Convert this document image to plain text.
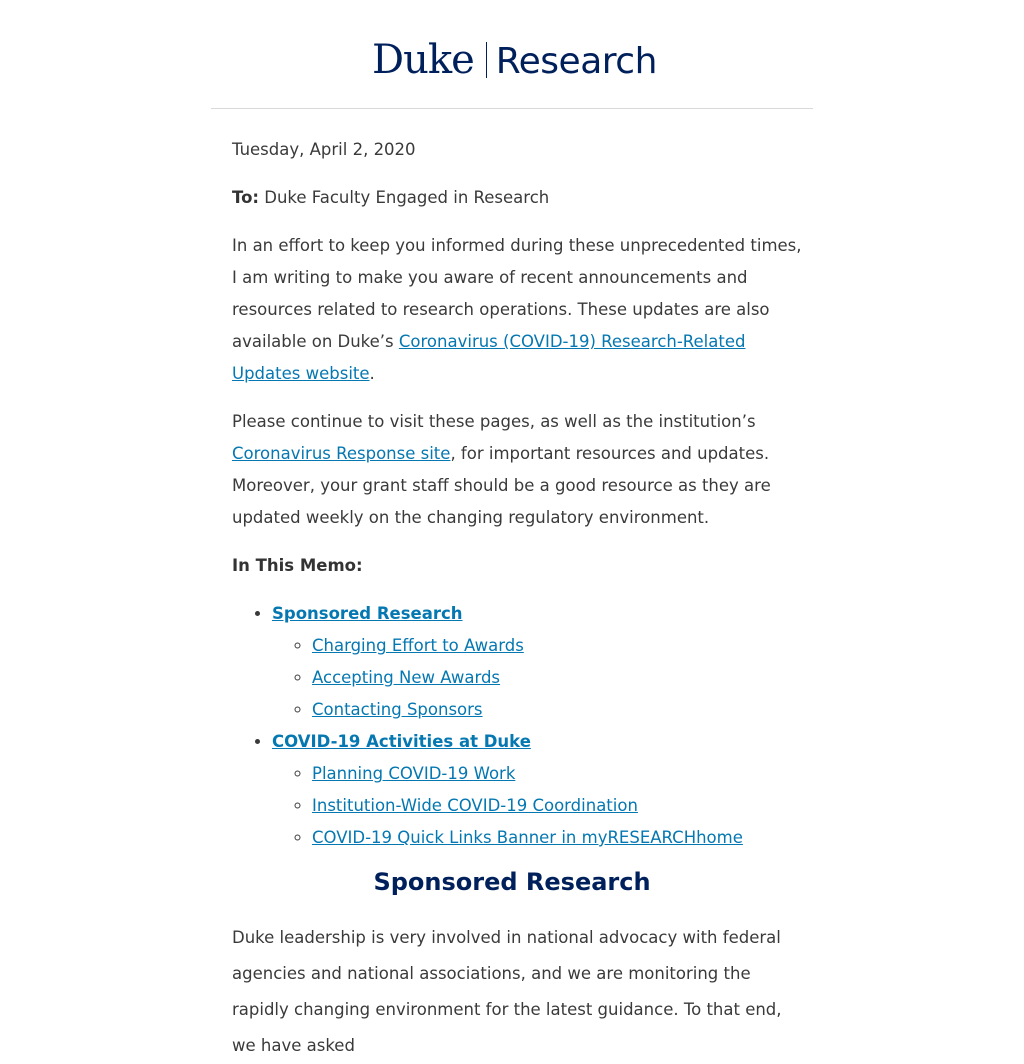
Duke Research

Tuesday, April 2, 2020

To: Duke Faculty Engaged in Research

In an effort to keep you informed during these unprecedented times, I am writing to make you aware of recent announcements and resources related to research operations. These updates are also available on Duke’s Coronavirus (COVID-19) Research-Related Updates website.

Please continue to visit these pages, as well as the institution’s Coronavirus Response site, for important resources and updates. Moreover, your grant staff should be a good resource as they are updated weekly on the changing regulatory environment.

In This Memo:

• Sponsored Research
◦ Charging Effort to Awards
◦ Accepting New Awards
◦ Contacting Sponsors
• COVID-19 Activities at Duke
◦ Planning COVID-19 Work
◦ Institution-Wide COVID-19 Coordination
◦ COVID-19 Quick Links Banner in myRESEARCHhome
Sponsored Research

Duke leadership is very involved in national advocacy with federal agencies and national associations, and we are monitoring the rapidly changing environment for the latest guidance. To that end, we have asked
